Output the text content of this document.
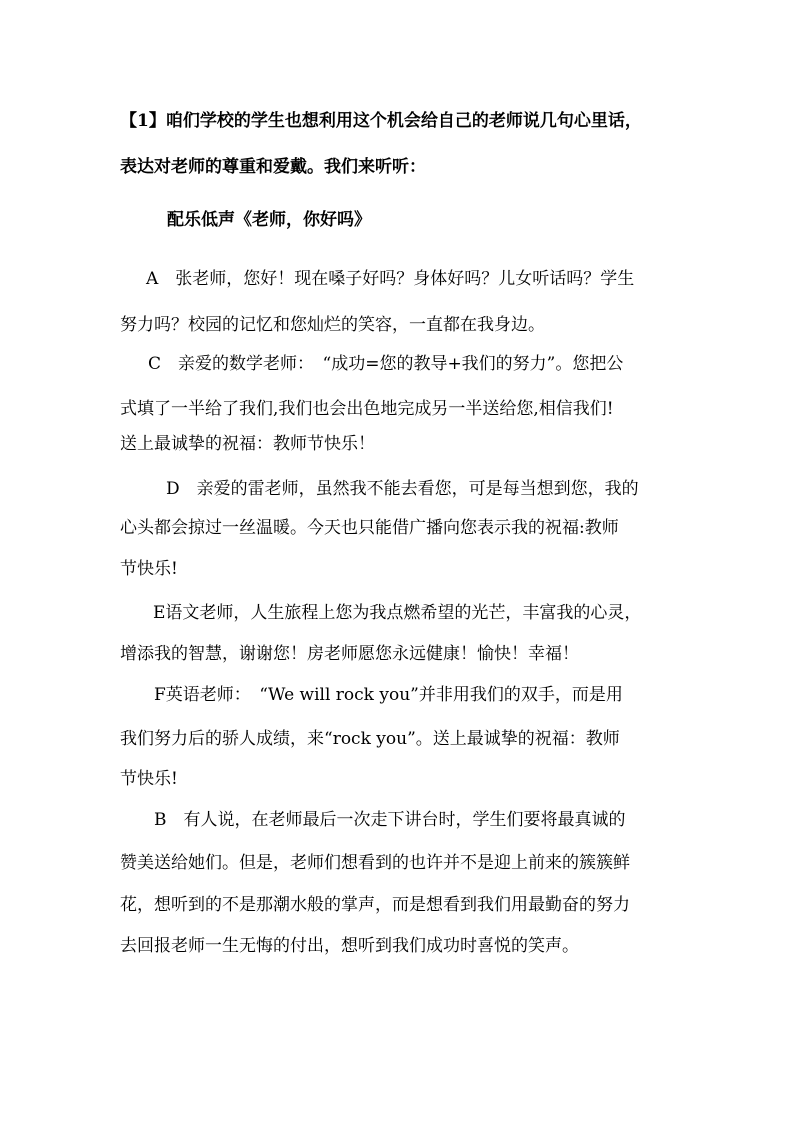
【1】咱们学校的学生也想利用这个机会给自己的老师说几句心里话，
表达对老师的尊重和爱戴。我们来听听：
配乐低声《老师，你好吗》
A　张老师，您好！现在嗓子好吗？身体好吗？儿女听话吗？学生
努力吗？校园的记忆和您灿烂的笑容，一直都在我身边。
C　亲爱的数学老师：　“成功=您的教导+我们的努力”。您把公
式填了一半给了我们,我们也会出色地完成另一半送给您,相信我们!
送上最诚挚的祝福：教师节快乐！
D　亲爱的雷老师，虽然我不能去看您，可是每当想到您，我的
心头都会掠过一丝温暖。今天也只能借广播向您表示我的祝福:教师
节快乐!
E语文老师，人生旅程上您为我点燃希望的光芒，丰富我的心灵，
增添我的智慧，谢谢您！房老师愿您永远健康！愉快！幸福！
F英语老师：　“We will rock you”并非用我们的双手，而是用
我们努力后的骄人成绩，来“rock you”。送上最诚挚的祝福：教师
节快乐!
B　有人说，在老师最后一次走下讲台时，学生们要将最真诚的
赞美送给她们。但是，老师们想看到的也许并不是迎上前来的簇簇鲜
花，想听到的不是那潮水般的掌声，而是想看到我们用最勤奋的努力
去回报老师一生无悔的付出，想听到我们成功时喜悦的笑声。
